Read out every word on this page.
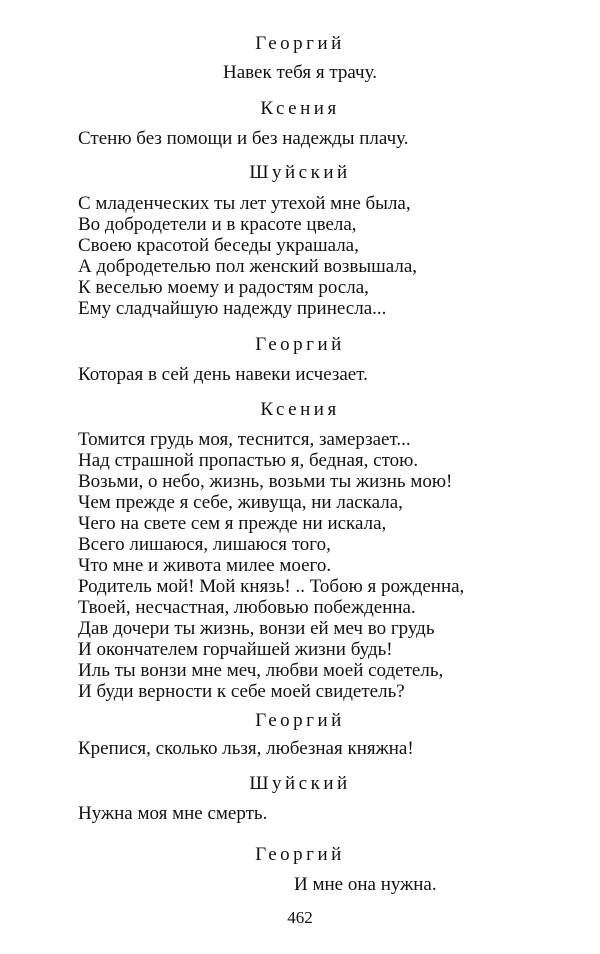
Георгий
Навек тебя я трачу.
Ксения
Стеню без помощи и без надежды плачу.
Шуйский
С младенческих ты лет утехой мне была,
Во добродетели и в красоте цвела,
Своею красотой беседы украшала,
А добродетелью пол женский возвышала,
К веселью моему и радостям росла,
Ему сладчайшую надежду принесла...
Георгий
Которая в сей день навеки исчезает.
Ксения
Томится грудь моя, теснится, замерзает...
Над страшной пропастью я, бедная, стою.
Возьми, о небо, жизнь, возьми ты жизнь мою!
Чем прежде я себе, живуща, ни ласкала,
Чего на свете сем я прежде ни искала,
Всего лишаюся, лишаюся того,
Что мне и живота милее моего.
Родитель мой! Мой князь! .. Тобою я рожденна,
Твоей, несчастная, любовью побежденна.
Дав дочери ты жизнь, вонзи ей меч во грудь
И окончателем горчайшей жизни будь!
Иль ты вонзи мне меч, любви моей содетель,
И буди верности к себе моей свидетель?
Георгий
Крепися, сколько льзя, любезная княжна!
Шуйский
Нужна моя мне смерть.
Георгий
И мне она нужна.
462
